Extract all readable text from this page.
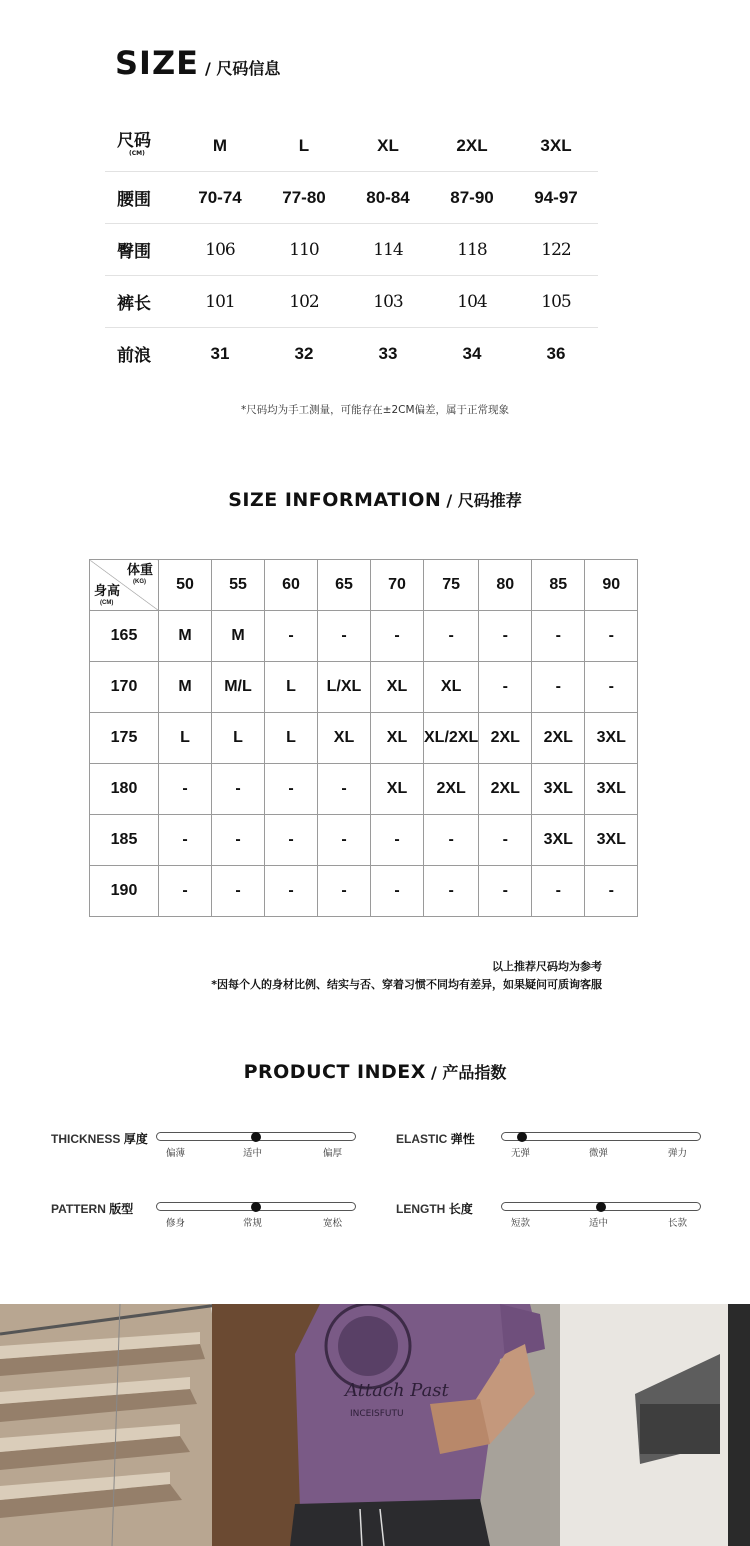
SIZE / 尺码信息
尺码
(CM)	M	L	XL	2XL	3XL
腰围	70-74	77-80	80-84	87-90	94-97
臀围	106	110	114	118	122
裤长	101	102	103	104	105
前浪	31	32	33	34	36
*尺码均为手工测量，可能存在±2CM偏差，属于正常现象
SIZE INFORMATION / 尺码推荐
体重
(KG)
身高
(CM)	50	55	60	65	70	75	80	85	90
165	M	M	-	-	-	-	-	-	-
170	M	M/L	L	L/XL	XL	XL	-	-	-
175	L	L	L	XL	XL	XL/2XL	2XL	2XL	3XL
180	-	-	-	-	XL	2XL	2XL	3XL	3XL
185	-	-	-	-	-	-	-	3XL	3XL
190	-	-	-	-	-	-	-	-	-
以上推荐尺码均为参考
*因每个人的身材比例、结实与否、穿着习惯不同均有差异，如果疑问可质询客服
PRODUCT INDEX / 产品指数
THICKNESS 厚度
偏薄	适中	偏厚
ELASTIC 弹性
无弹	微弹	弹力
PATTERN 版型
修身	常规	宽松
LENGTH 长度
短款	适中	长款
Attach Past
INCEISFUTU
